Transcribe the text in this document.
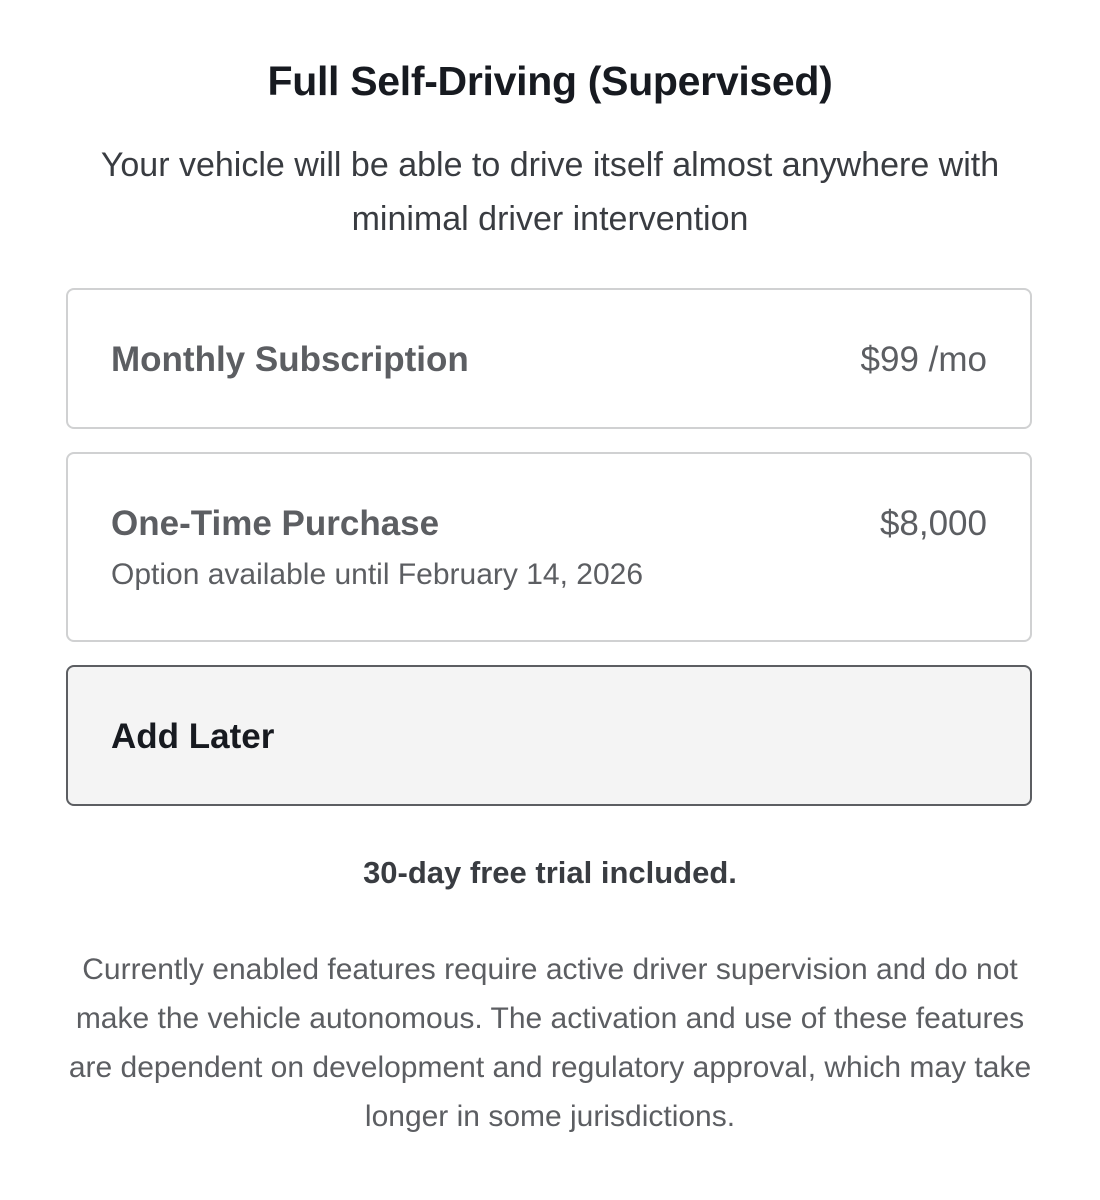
Full Self-Driving (Supervised)

Your vehicle will be able to drive itself almost anywhere with minimal driver intervention

Monthly Subscription	$99 /mo
One-Time Purchase	$8,000
Option available until February 14, 2026
Add Later

30-day free trial included.

Currently enabled features require active driver supervision and do not make the vehicle autonomous. The activation and use of these features are dependent on development and regulatory approval, which may take longer in some jurisdictions.
